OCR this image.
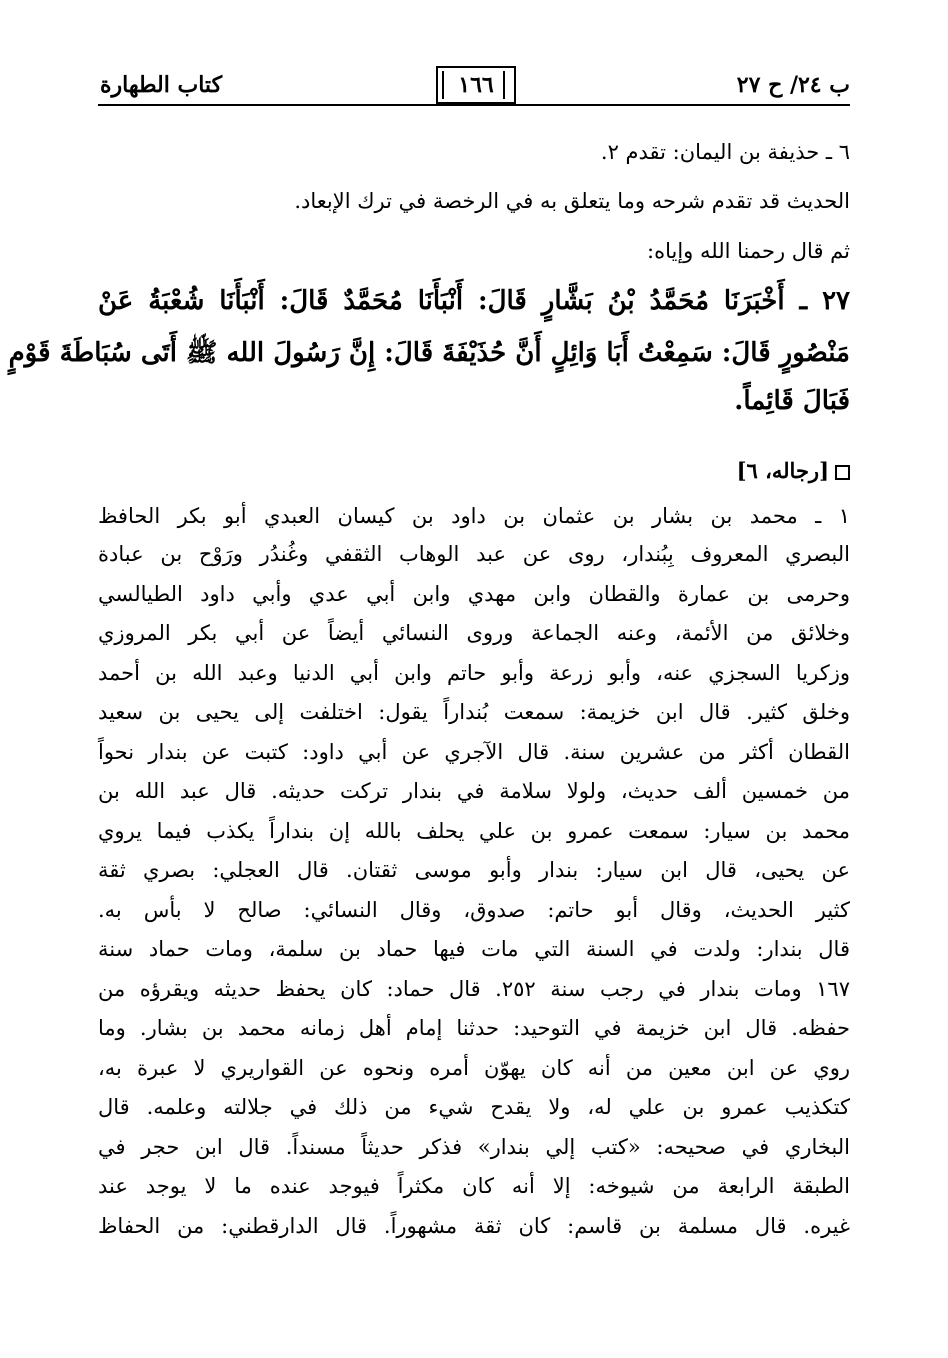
كتاب الطهارة	١٦٦	ب ٢٤/ ح ٢٧
٦ ـ حذيفة بن اليمان: تقدم ٢.
الحديث قد تقدم شرحه وما يتعلق به في الرخصة في ترك الإبعاد.
ثم قال رحمنا الله وإياه:
٢٧ ـ أَخْبَرَنَا مُحَمَّدُ بْنُ بَشَّارٍ قَالَ: أَنْبَأَنَا مُحَمَّدٌ قَالَ: أَنْبَأَنَا شُعْبَةُ عَنْ
مَنْصُورٍ قَالَ: سَمِعْتُ أَبَا وَائِلٍ أَنَّ حُذَيْفَةَ قَالَ: إِنَّ رَسُولَ الله ﷺ أَتَى سُبَاطَةَ قَوْمٍ
فَبَالَ قَائِماً.
[رجاله، ٦]
١ ـ محمد بن بشار بن عثمان بن داود بن كيسان العبدي أبو بكر الحافظ
البصري المعروف بِبُندار، روى عن عبد الوهاب الثقفي وغُندُر ورَوْح بن عبادة
وحرمى بن عمارة والقطان وابن مهدي وابن أبي عدي وأبي داود الطيالسي
وخلائق من الأئمة، وعنه الجماعة وروى النسائي أيضاً عن أبي بكر المروزي
وزكريا السجزي عنه، وأبو زرعة وأبو حاتم وابن أبي الدنيا وعبد الله بن أحمد
وخلق كثير. قال ابن خزيمة: سمعت بُنداراً يقول: اختلفت إلى يحيى بن سعيد
القطان أكثر من عشرين سنة. قال الآجري عن أبي داود: كتبت عن بندار نحواً
من خمسين ألف حديث، ولولا سلامة في بندار تركت حديثه. قال عبد الله بن
محمد بن سيار: سمعت عمرو بن علي يحلف بالله إن بنداراً يكذب فيما يروي
عن يحيى، قال ابن سيار: بندار وأبو موسى ثقتان. قال العجلي: بصري ثقة
كثير الحديث، وقال أبو حاتم: صدوق، وقال النسائي: صالح لا بأس به.
قال بندار: ولدت في السنة التي مات فيها حماد بن سلمة، ومات حماد سنة
١٦٧ ومات بندار في رجب سنة ٢٥٢. قال حماد: كان يحفظ حديثه ويقرؤه من
حفظه. قال ابن خزيمة في التوحيد: حدثنا إمام أهل زمانه محمد بن بشار. وما
روي عن ابن معين من أنه كان يهوّن أمره ونحوه عن القواريري لا عبرة به،
كتكذيب عمرو بن علي له، ولا يقدح شيء من ذلك في جلالته وعلمه. قال
البخاري في صحيحه: «كتب إلي بندار» فذكر حديثاً مسنداً. قال ابن حجر في
الطبقة الرابعة من شيوخه: إلا أنه كان مكثراً فيوجد عنده ما لا يوجد عند
غيره. قال مسلمة بن قاسم: كان ثقة مشهوراً. قال الدارقطني: من الحفاظ
